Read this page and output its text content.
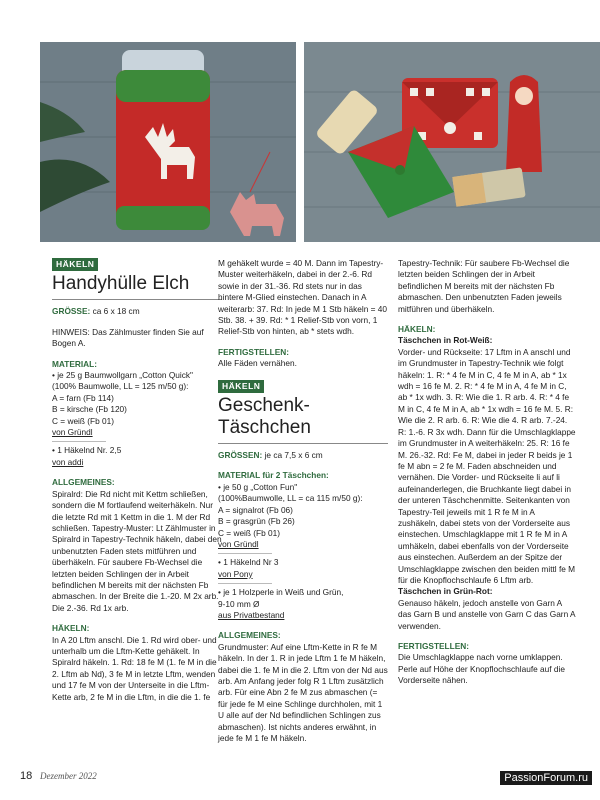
HÄKELN
Handyhülle Elch
GRÖSSE: ca 6 x 18 cm
HINWEIS: Das Zählmuster finden Sie auf Bogen A.
MATERIAL:
• je 25 g Baumwollgarn „Cotton Quick"
(100% Baumwolle, LL = 125 m/50 g):
A = farn (Fb 114)
B = kirsche (Fb 120)
C = weiß (Fb 01)
von Gründl
• 1 Häkelnd Nr. 2,5
von addi
ALLGEMEINES:
Spiralrd: Die Rd nicht mit Kettm schließen, sondern die M fortlaufend weiterhäkeln. Nur die letzte Rd mit 1 Kettm in die 1. M der Rd schließen. Tapestry-Muster: Lt Zählmuster in Spiralrd in Tapestry-Technik häkeln, dabei den unbenutzten Faden stets mitführen und überhäkeln. Für saubere Fb-Wechsel die letzten beiden Schlingen der in Arbeit befindlichen M bereits mit der nächsten Fb abmaschen. In der Breite die 1.-20. M 2x arb. Die 2.-36. Rd 1x arb.
HÄKELN:
In A 20 Lftm anschl. Die 1. Rd wird ober- und unterhalb um die Lftm-Kette gehäkelt. In Spiralrd häkeln. 1. Rd: 18 fe M (1. fe M in die 2. Lftm ab Nd), 3 fe M in letzte Lftm, wenden und 17 fe M von der Unterseite in die Lftm-Kette arb, 2 fe M in die Lftm, in die die 1. fe
M gehäkelt wurde = 40 M. Dann im Tapestry-Muster weiterhäkeln, dabei in der 2.-6. Rd sowie in der 31.-36. Rd stets nur in das hintere M-Glied einstechen. Danach in A weiterarb: 37. Rd: In jede M 1 Stb häkeln = 40 Stb. 38. + 39. Rd: * 1 Relief-Stb von vorn, 1 Relief-Stb von hinten, ab * stets wdh.
FERTIGSTELLEN:
Alle Fäden vernähen.
HÄKELN
Geschenk-Täschchen
GRÖSSEN: je ca 7,5 x 6 cm
MATERIAL für 2 Täschchen:
• je 50 g „Cotton Fun"
(100%Baumwolle, LL = ca 115 m/50 g):
A = signalrot (Fb 06)
B = grasgrün (Fb 26)
C = weiß (Fb 01)
von Gründl
• 1 Häkelnd Nr 3
von Pony
• je 1 Holzperle in Weiß und Grün,
9-10 mm Ø
aus Privatbestand
ALLGEMEINES:
Grundmuster: Auf eine Lftm-Kette in R fe M häkeln. In der 1. R in jede Lftm 1 fe M häkeln, dabei die 1. fe M in die 2. Lftm von der Nd aus arb. Am Anfang jeder folg R 1 Lftm zusätzlich arb. Für eine Abn 2 fe M zus abmaschen (= für jede fe M eine Schlinge durchholen, mit 1 U alle auf der Nd befindlichen Schlingen zus abmaschen). Ist nichts anderes erwähnt, in jede fe M 1 fe M häkeln.
Tapestry-Technik: Für saubere Fb-Wechsel die letzten beiden Schlingen der in Arbeit befindlichen M bereits mit der nächsten Fb abmaschen. Den unbenutzten Faden jeweils mitführen und überhäkeln.
HÄKELN:
Täschchen in Rot-Weiß:
Vorder- und Rückseite: 17 Lftm in A anschl und im Grundmuster in Tapestry-Technik wie folgt häkeln: 1. R: * 4 fe M in C, 4 fe M in A, ab * 1x wdh = 16 fe M. 2. R: * 4 fe M in A, 4 fe M in C, ab * 1x wdh. 3. R: Wie die 1. R arb. 4. R: * 4 fe M in C, 4 fe M in A, ab * 1x wdh = 16 fe M. 5. R: Wie die 2. R arb. 6. R: Wie die 4. R arb. 7.-24. R: 1.-6. R 3x wdh. Dann für die Umschlagklappe im Grundmuster in A weiterhäkeln: 25. R: 16 fe M. 26.-32. Rd: Fe M, dabei in jeder R beids je 1 fe M abn = 2 fe M. Faden abschneiden und vernähen. Die Vorder- und Rückseite li auf li aufeinanderlegen, die Bruchkante liegt dabei in der unteren Täschchenmitte. Seitenkanten von Tapestry-Teil jeweils mit 1 R fe M in A zushäkeln, dabei stets von der Vorderseite aus einstechen. Umschlagklappe mit 1 R fe M in A umhäkeln, dabei ebenfalls von der Vorderseite aus einstechen. Außerdem an der Spitze der Umschlagklappe zwischen den beiden mittl fe M für die Knopflochschlaufe 6 Lftm arb.
Täschchen in Grün-Rot:
Genauso häkeln, jedoch anstelle von Garn A das Garn B und anstelle von Garn C das Garn A verwenden.
FERTIGSTELLEN:
Die Umschlagklappe nach vorne umklappen. Perle auf Höhe der Knopflochschlaufe auf die Vorderseite nähen.
18 Dezember 2022	PassionForum.ru
